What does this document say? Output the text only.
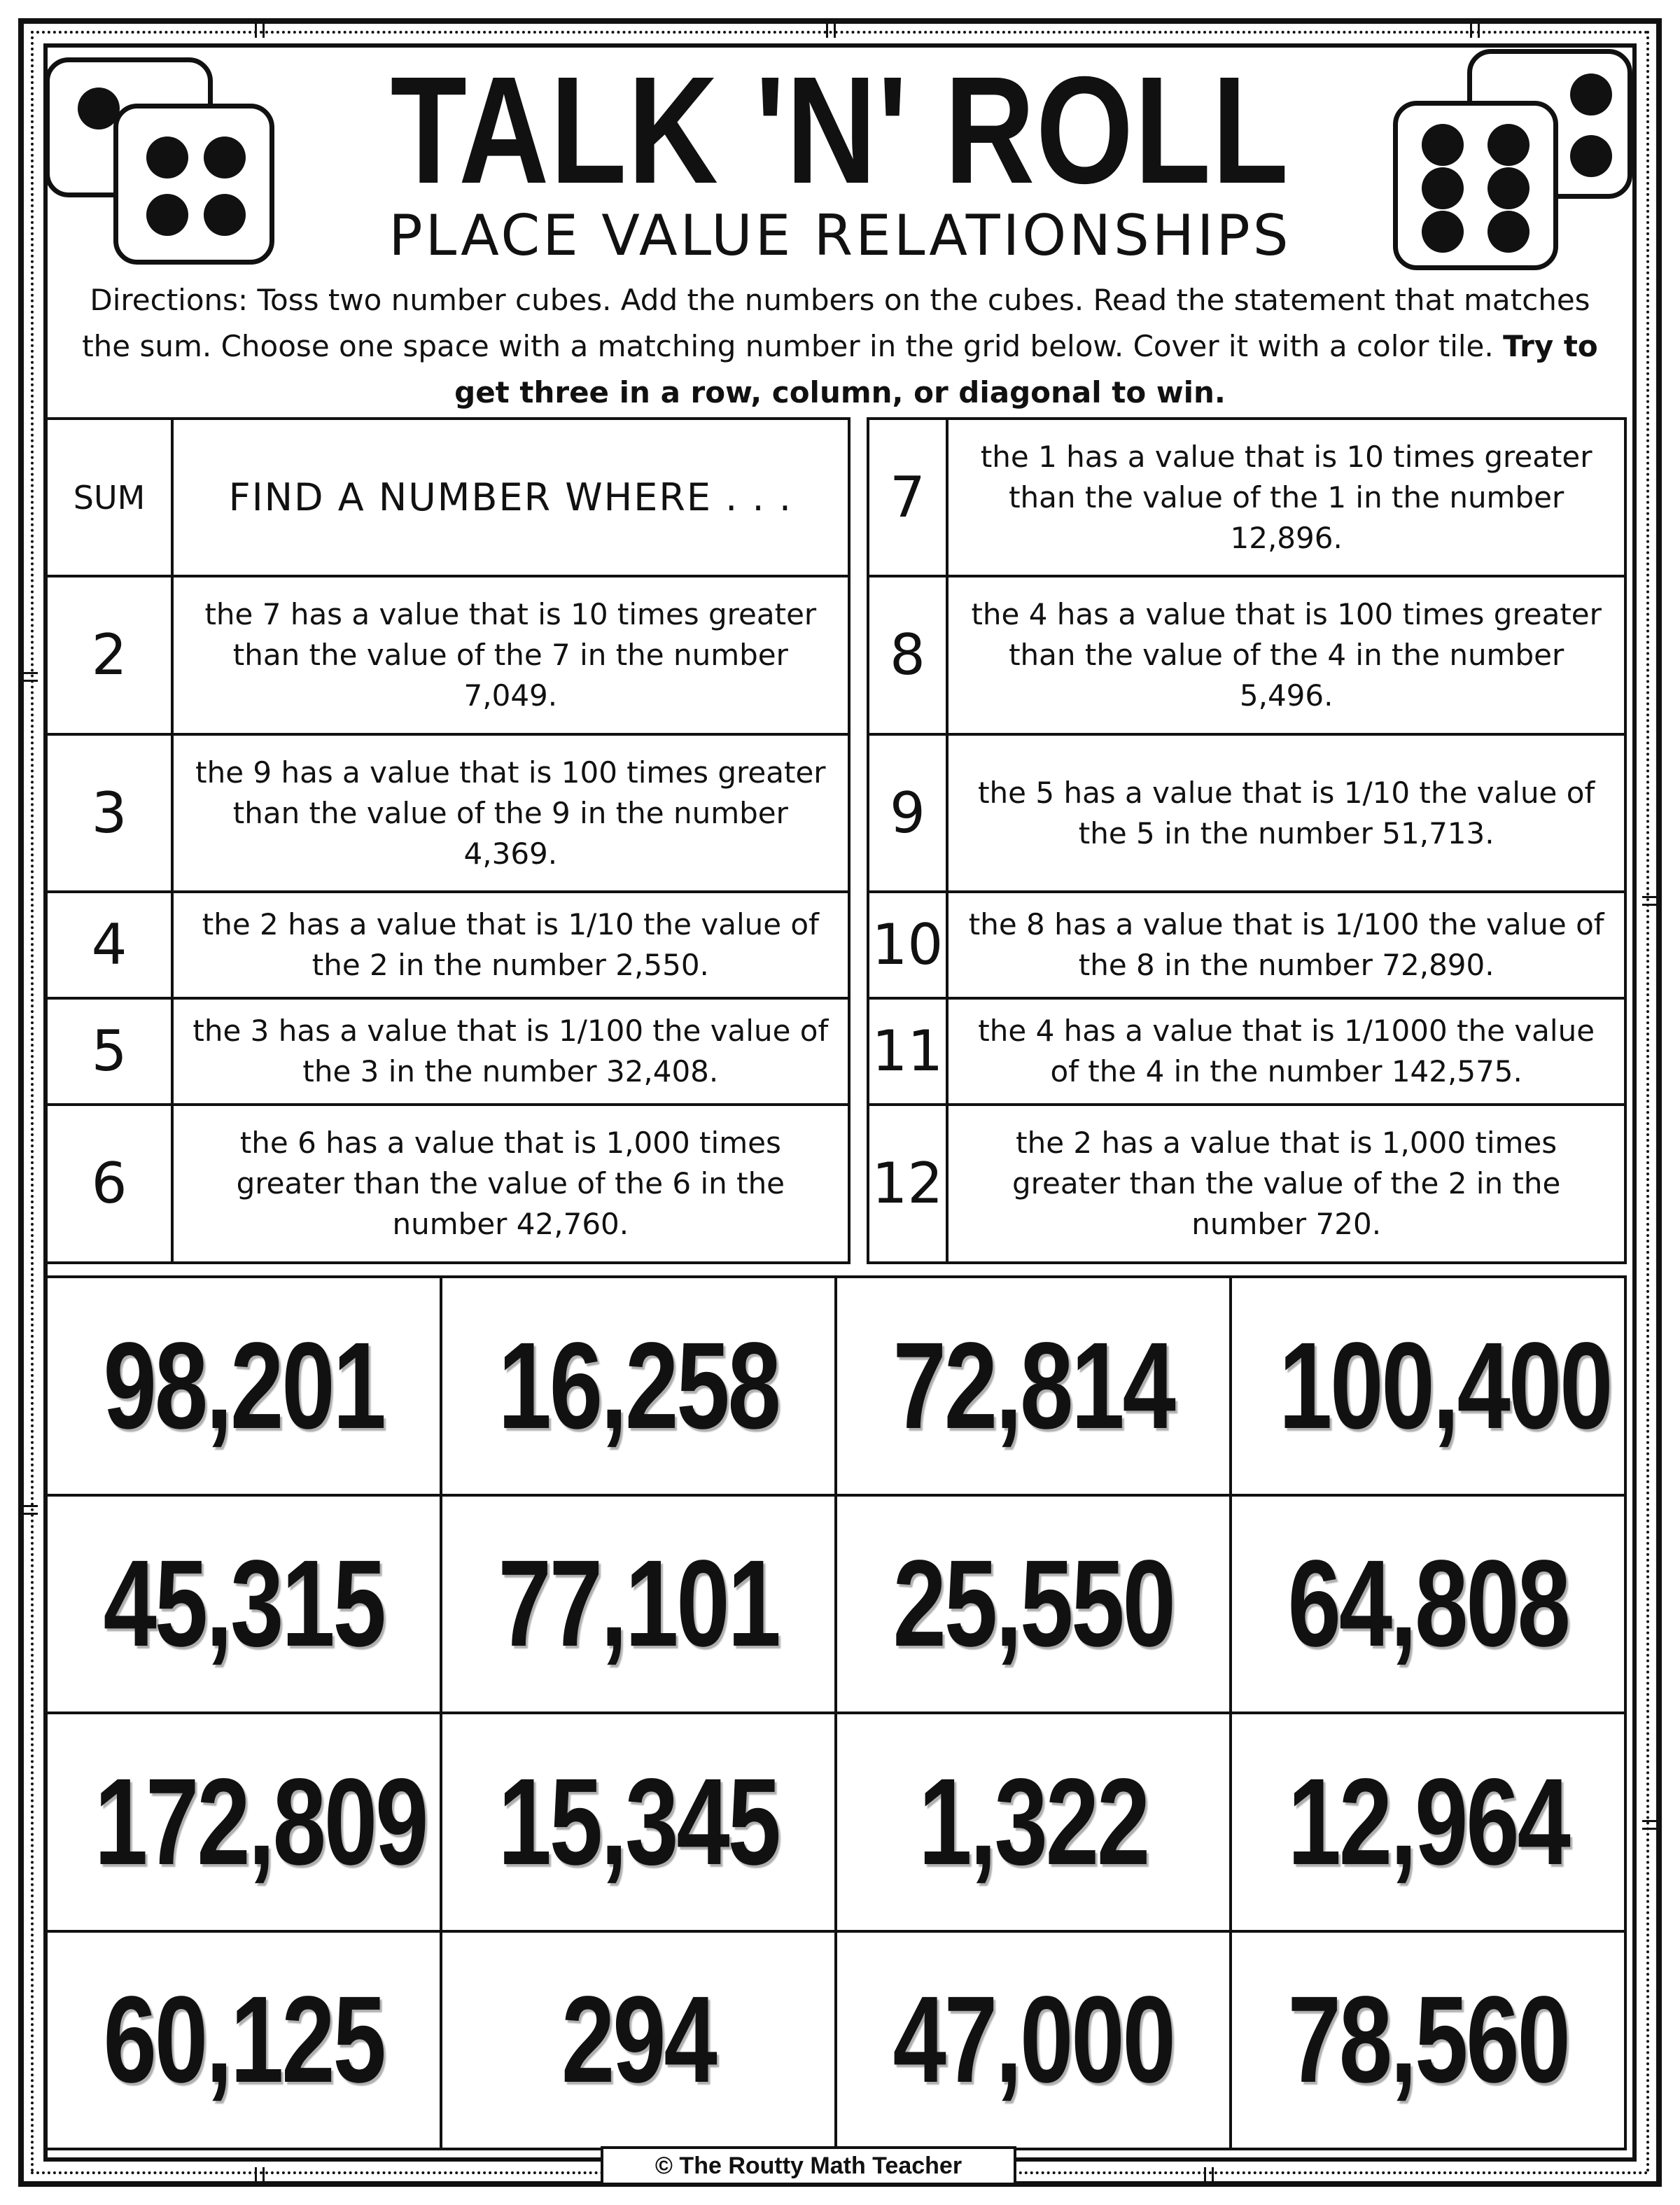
TALK 'N' ROLL
PLACE VALUE RELATIONSHIPS
Directions: Toss two number cubes. Add the numbers on the cubes. Read the statement that matches the sum. Choose one space with a matching number in the grid below. Cover it with a color tile. Try to get three in a row, column, or diagonal to win.
SUM	FIND A NUMBER WHERE . . .		7	the 1 has a value that is 10 times greater than the value of the 1 in the number 12,896.
2	the 7 has a value that is 10 times greater than the value of the 7 in the number 7,049.		8	the 4 has a value that is 100 times greater than the value of the 4 in the number 5,496.
3	the 9 has a value that is 100 times greater than the value of the 9 in the number 4,369.		9	the 5 has a value that is 1/10 the value of the 5 in the number 51,713.
4	the 2 has a value that is 1/10 the value of the 2 in the number 2,550.		10	the 8 has a value that is 1/100 the value of the 8 in the number 72,890.
5	the 3 has a value that is 1/100 the value of the 3 in the number 32,408.		11	the 4 has a value that is 1/1000 the value of the 4 in the number 142,575.
6	the 6 has a value that is 1,000 times greater than the value of the 6 in the number 42,760.		12	the 2 has a value that is 1,000 times greater than the value of the 2 in the number 720.
98,201	16,258	72,814	100,400
45,315	77,101	25,550	64,808
172,809	15,345	1,322	12,964
60,125	294	47,000	78,560
© The Routty Math Teacher
